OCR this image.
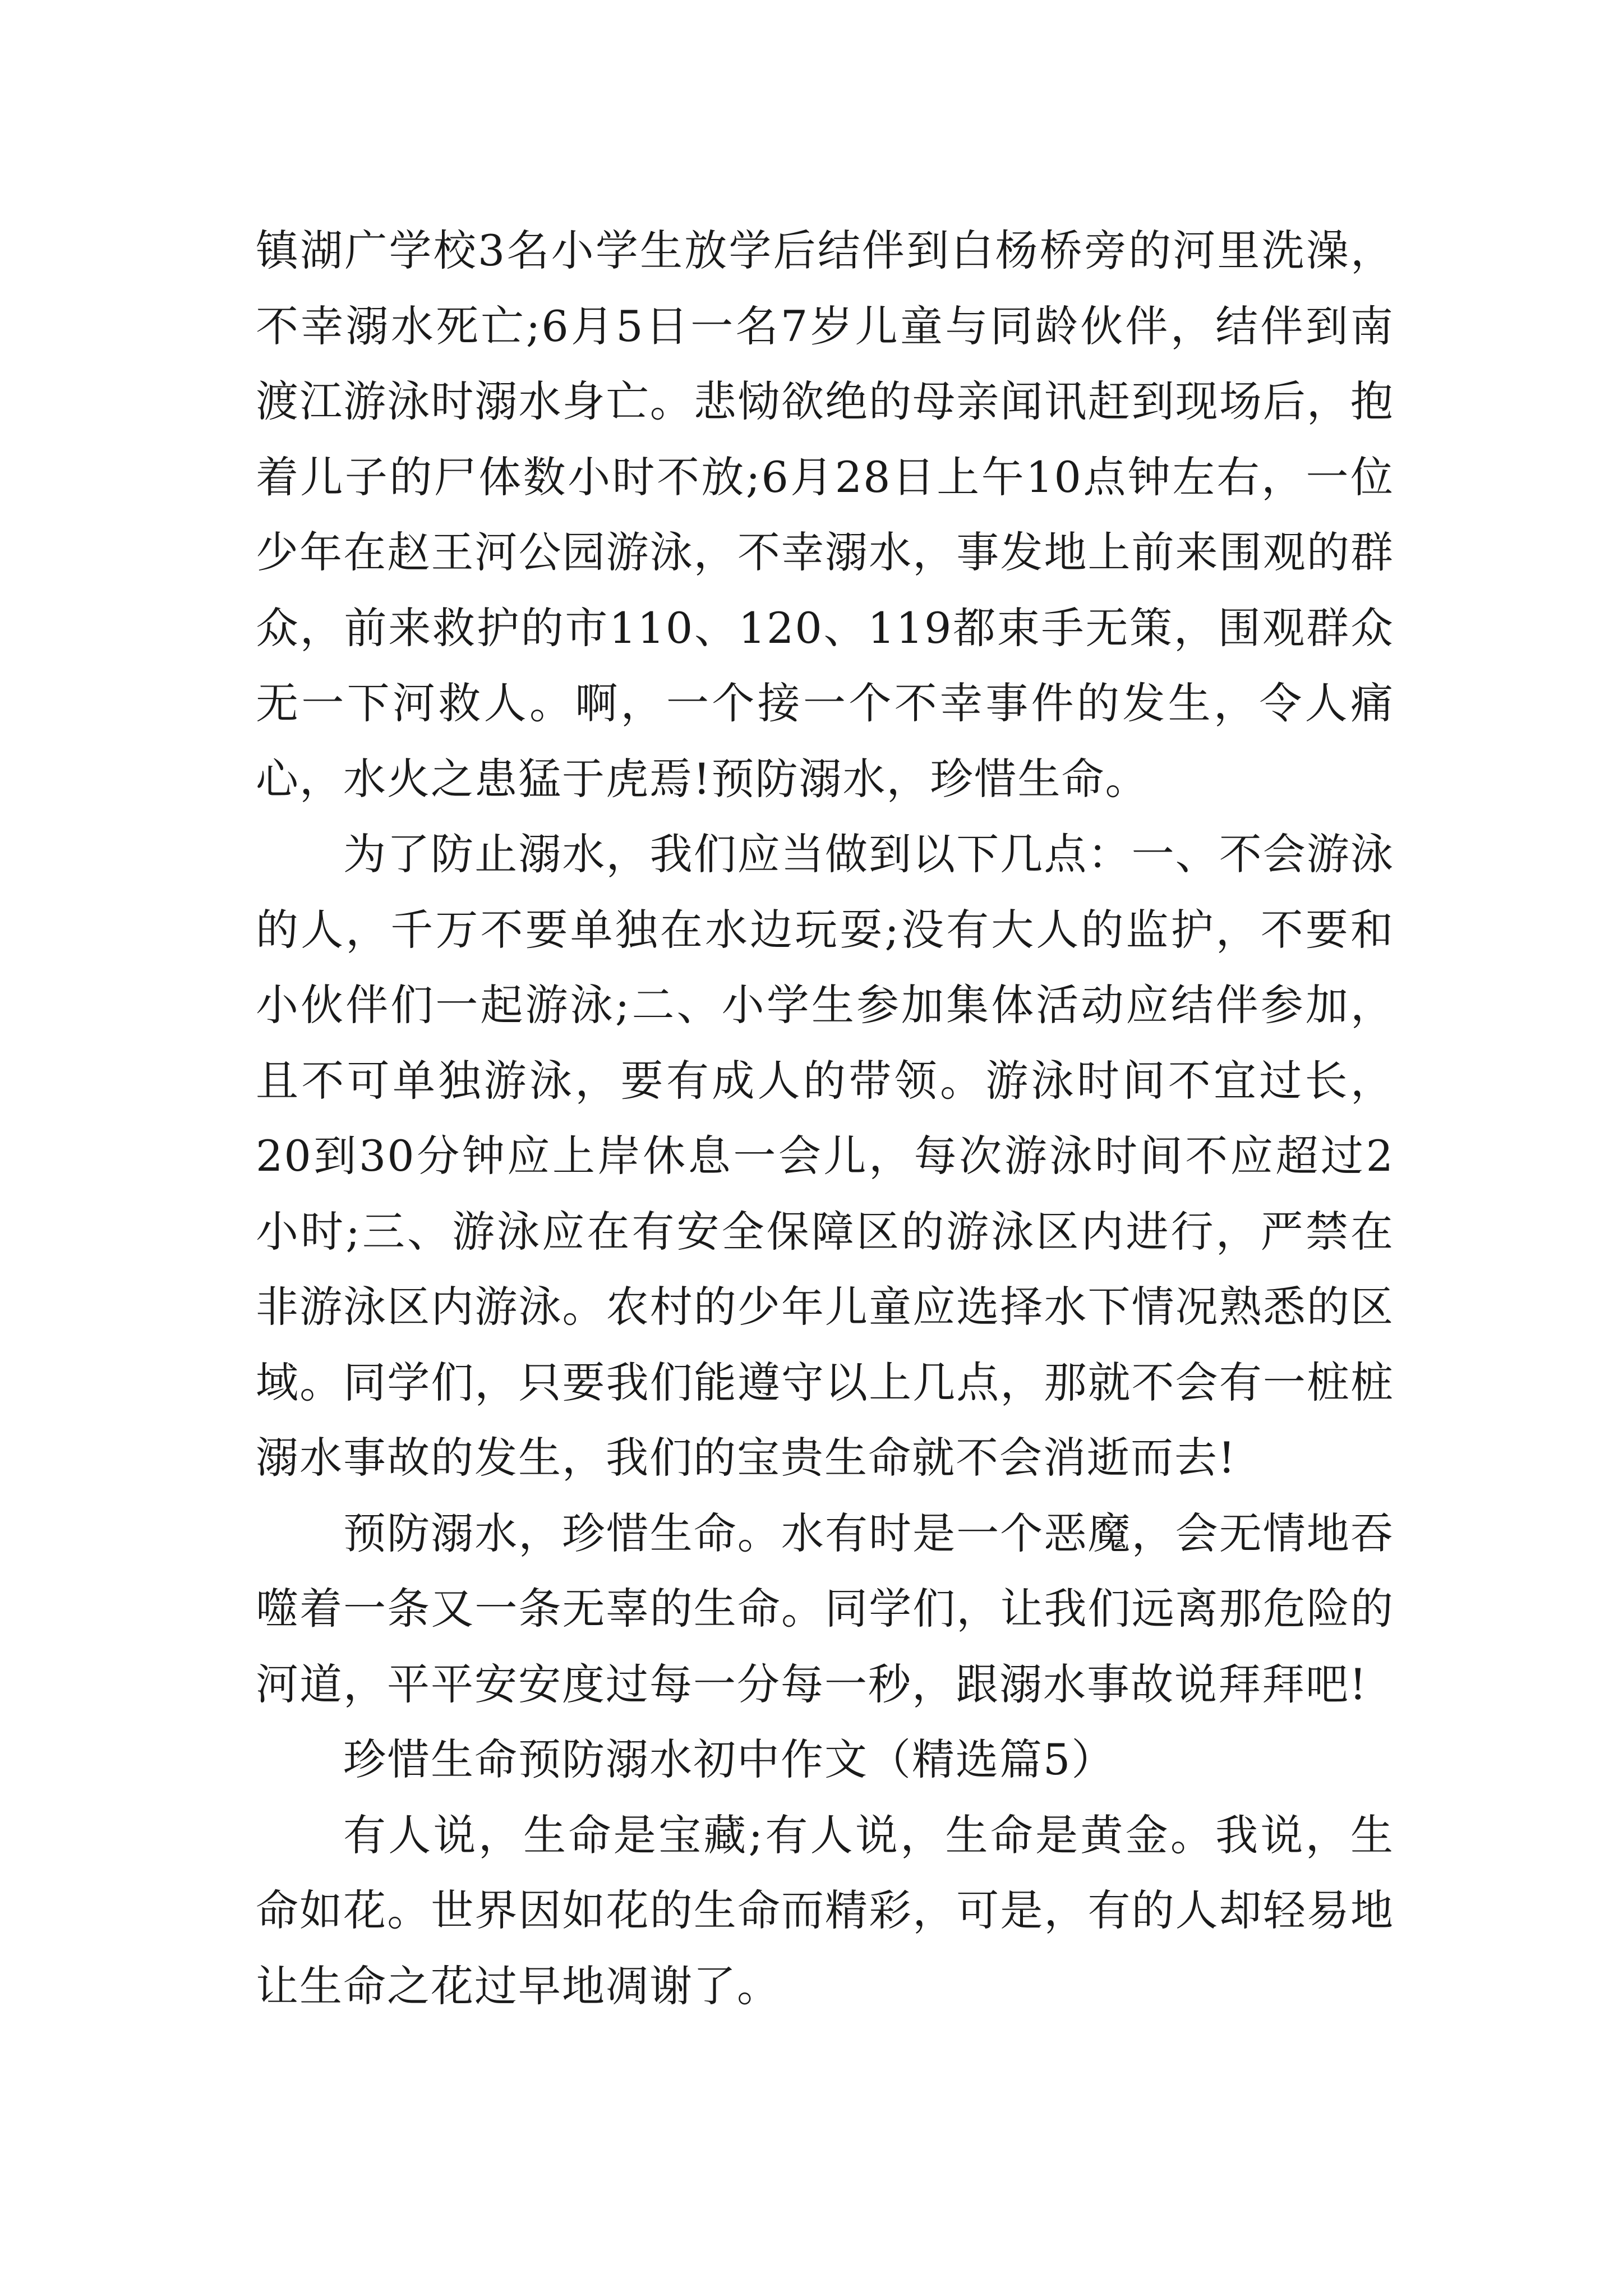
镇湖广学校3名小学生放学后结伴到白杨桥旁的河里洗澡，不幸溺水死亡;6月5日一名7岁儿童与同龄伙伴，结伴到南渡江游泳时溺水身亡。悲恸欲绝的母亲闻讯赶到现场后，抱着儿子的尸体数小时不放;6月28日上午10点钟左右，一位少年在赵王河公园游泳，不幸溺水，事发地上前来围观的群众，前来救护的市110、120、119都束手无策，围观群众无一下河救人。啊，一个接一个不幸事件的发生，令人痛心，水火之患猛于虎焉!预防溺水，珍惜生命。

为了防止溺水，我们应当做到以下几点：一、不会游泳的人，千万不要单独在水边玩耍;没有大人的监护，不要和小伙伴们一起游泳;二、小学生参加集体活动应结伴参加，且不可单独游泳，要有成人的带领。游泳时间不宜过长，20到30分钟应上岸休息一会儿，每次游泳时间不应超过2小时;三、游泳应在有安全保障区的游泳区内进行，严禁在非游泳区内游泳。农村的少年儿童应选择水下情况熟悉的区域。同学们，只要我们能遵守以上几点，那就不会有一桩桩溺水事故的发生，我们的宝贵生命就不会消逝而去!

预防溺水，珍惜生命。水有时是一个恶魔，会无情地吞噬着一条又一条无辜的生命。同学们，让我们远离那危险的河道，平平安安度过每一分每一秒，跟溺水事故说拜拜吧!

珍惜生命预防溺水初中作文（精选篇5）

有人说，生命是宝藏;有人说，生命是黄金。我说，生命如花。世界因如花的生命而精彩，可是，有的人却轻易地让生命之花过早地凋谢了。
